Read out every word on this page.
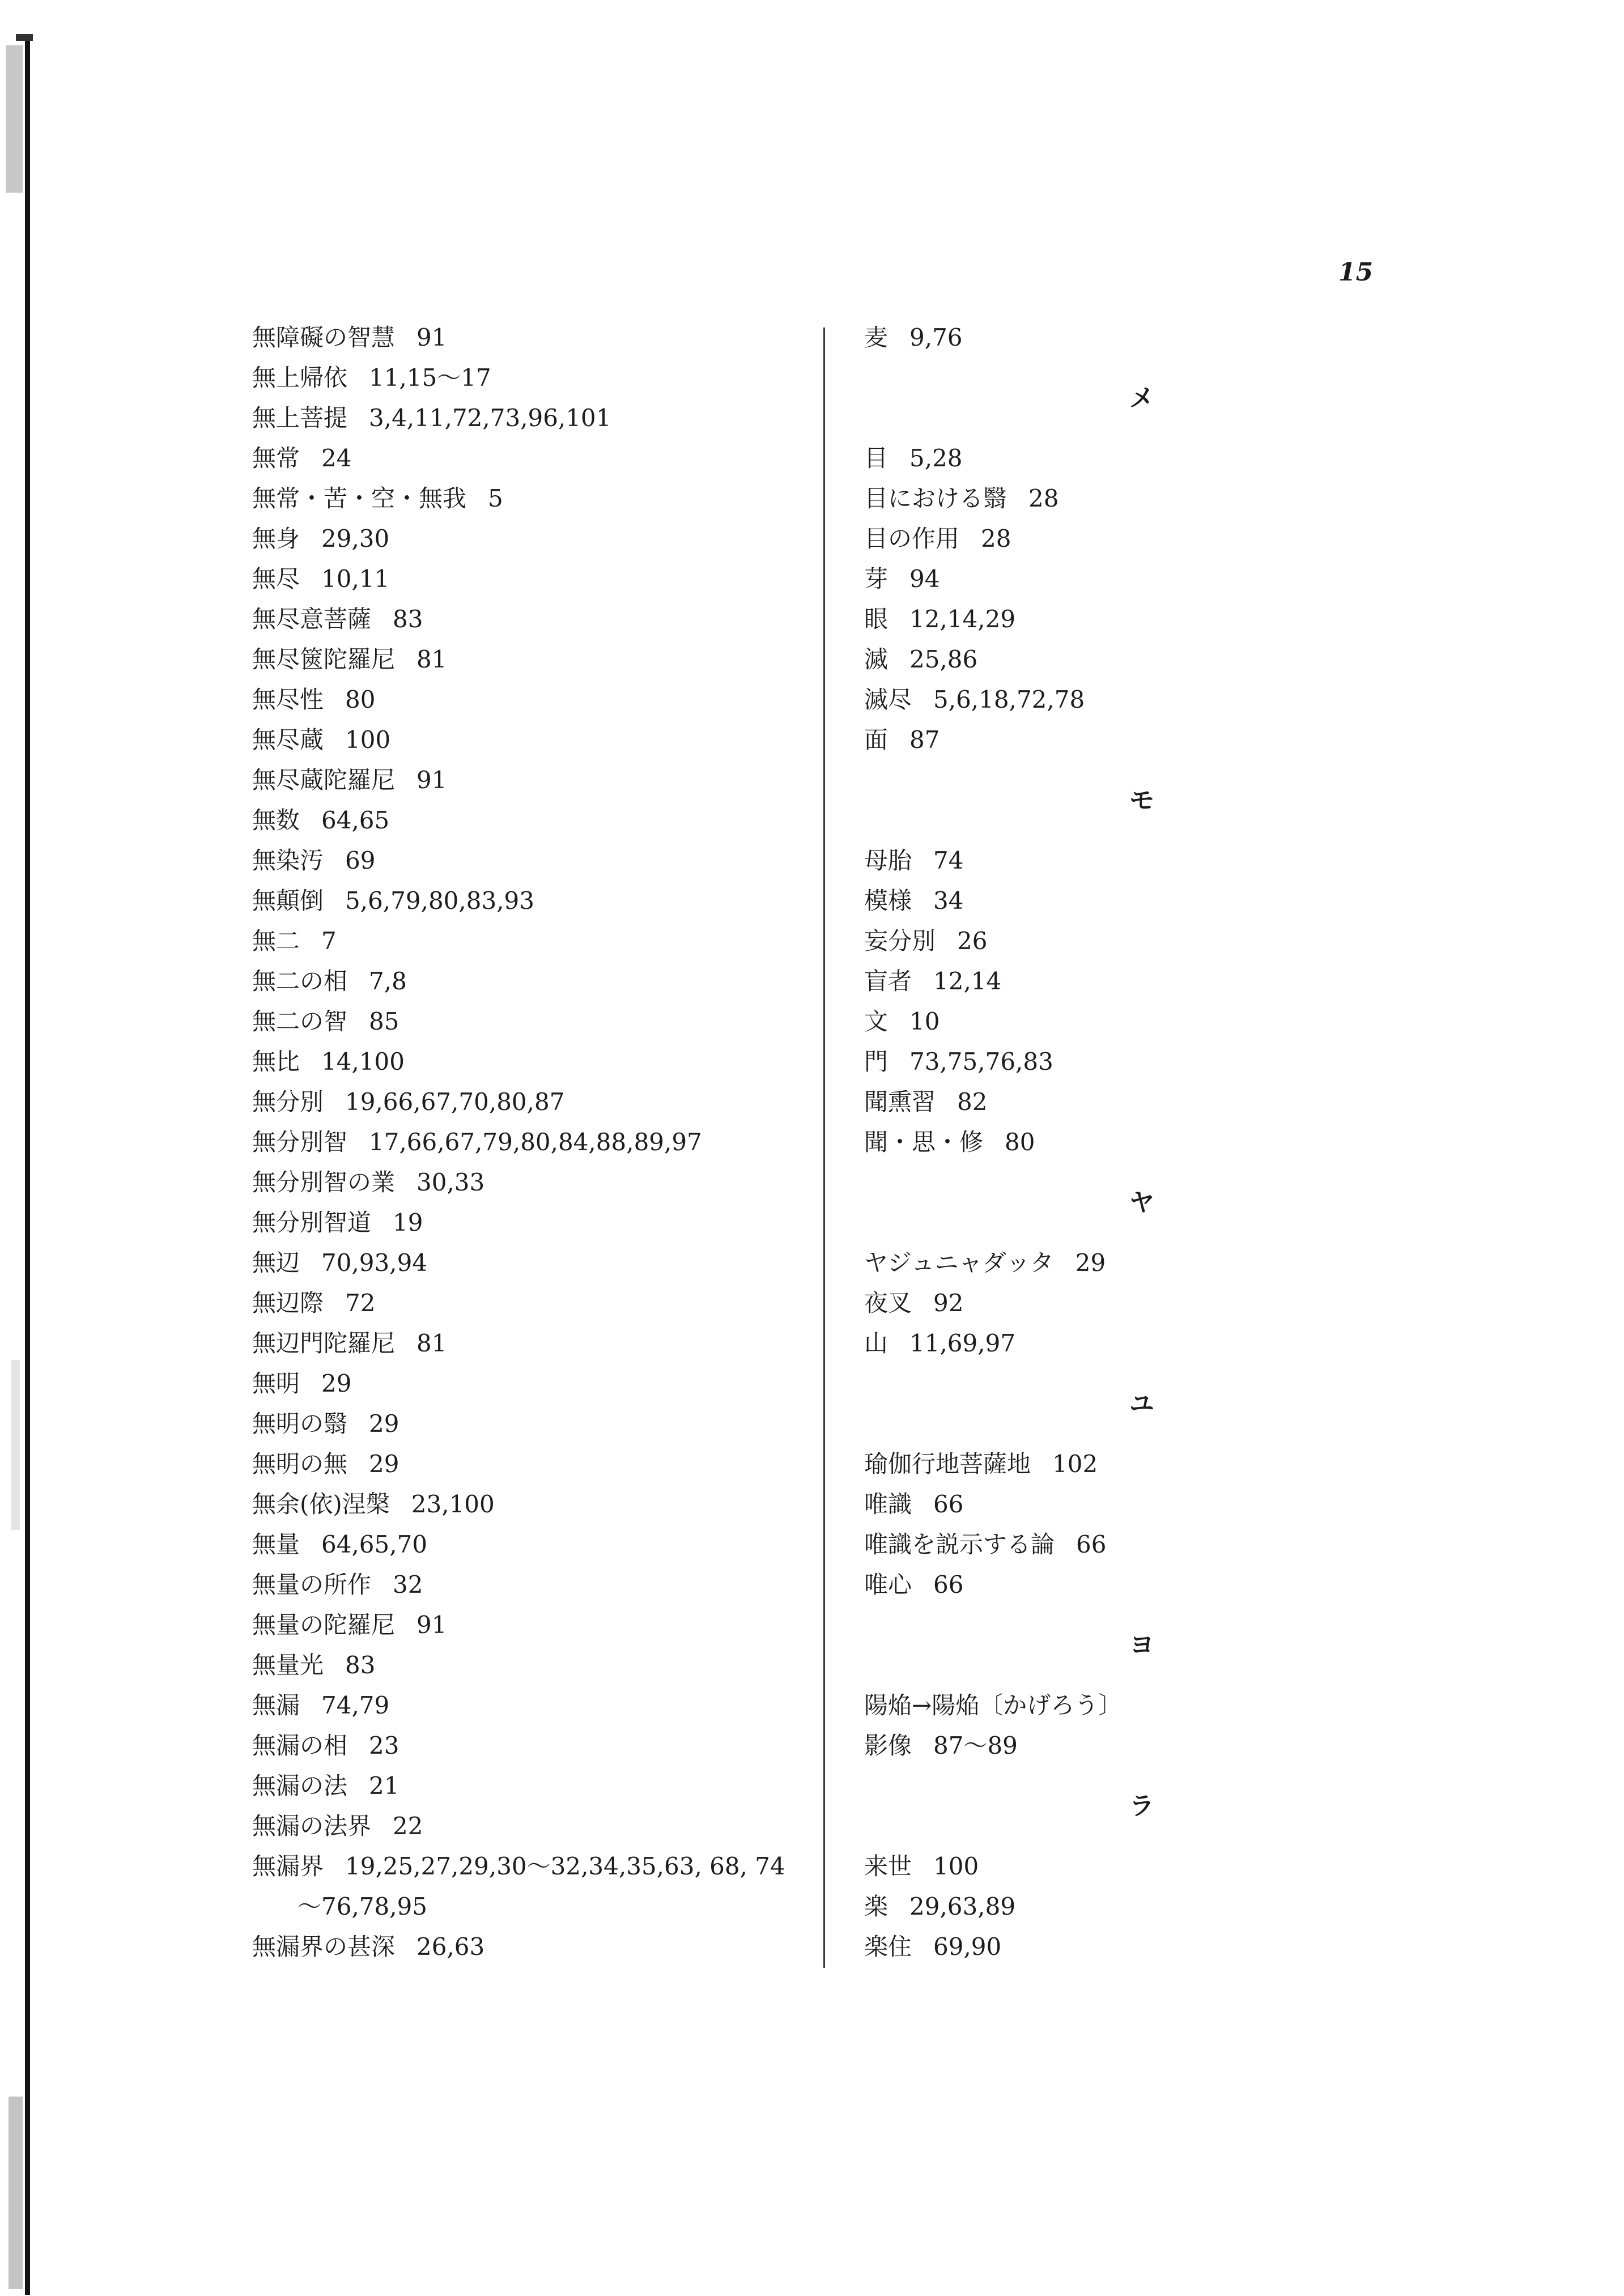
15
無障礙の智慧 91
無上帰依 11,15〜17
無上菩提 3,4,11,72,73,96,101
無常 24
無常・苦・空・無我 5
無身 29,30
無尽 10,11
無尽意菩薩 83
無尽篋陀羅尼 81
無尽性 80
無尽蔵 100
無尽蔵陀羅尼 91
無数 64,65
無染汚 69
無顛倒 5,6,79,80,83,93
無二 7
無二の相 7,8
無二の智 85
無比 14,100
無分別 19,66,67,70,80,87
無分別智 17,66,67,79,80,84,88,89,97
無分別智の業 30,33
無分別智道 19
無辺 70,93,94
無辺際 72
無辺門陀羅尼 81
無明 29
無明の翳 29
無明の無 29
無余(依)涅槃 23,100
無量 64,65,70
無量の所作 32
無量の陀羅尼 91
無量光 83
無漏 74,79
無漏の相 23
無漏の法 21
無漏の法界 22
無漏界 19,25,27,29,30〜32,34,35,63, 68, 74
〜76,78,95
無漏界の甚深 26,63
麦 9,76
メ
目 5,28
目における翳 28
目の作用 28
芽 94
眼 12,14,29
滅 25,86
滅尽 5,6,18,72,78
面 87
モ
母胎 74
模様 34
妄分別 26
盲者 12,14
文 10
門 73,75,76,83
聞熏習 82
聞・思・修 80
ヤ
ヤジュニャダッタ 29
夜叉 92
山 11,69,97
ユ
瑜伽行地菩薩地 102
唯識 66
唯識を説示する論 66
唯心 66
ヨ
陽焔→陽焔〔かげろう〕
影像 87〜89
ラ
来世 100
楽 29,63,89
楽住 69,90
